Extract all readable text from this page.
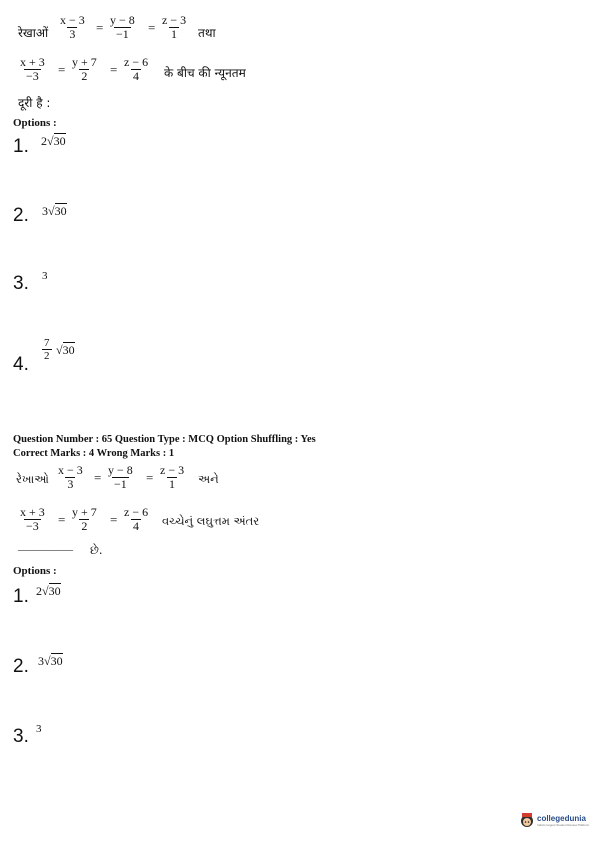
रेखाओं $\frac{x - 3}{3} = \frac{y - 8}{-1} = \frac{z - 3}{1}$ तथा
$\frac{x + 3}{-3} = \frac{y + 7}{2} = \frac{z - 6}{4}$ के बीच की न्यूनतम
दूरी है :
Options :
1. 2√30
2. 3√30
3. 3
4.
$\frac{7}{2} √30$
Question Number : 65 Question Type : MCQ Option Shuffling : Yes
Correct Marks : 4 Wrong Marks : 1
રેખાઓ $\frac{x - 3}{3} = \frac{y - 8}{-1} = \frac{z - 3}{1}$ અને
$\frac{x + 3}{-3} = \frac{y + 7}{2} = \frac{z - 6}{4}$ વચ્ચેનું લઘુત્તમ અંતર
__________ છે.
Options :
1. 2√30
2. 3√30
3. 3
collegedunia
India's largest Student Review Platform
